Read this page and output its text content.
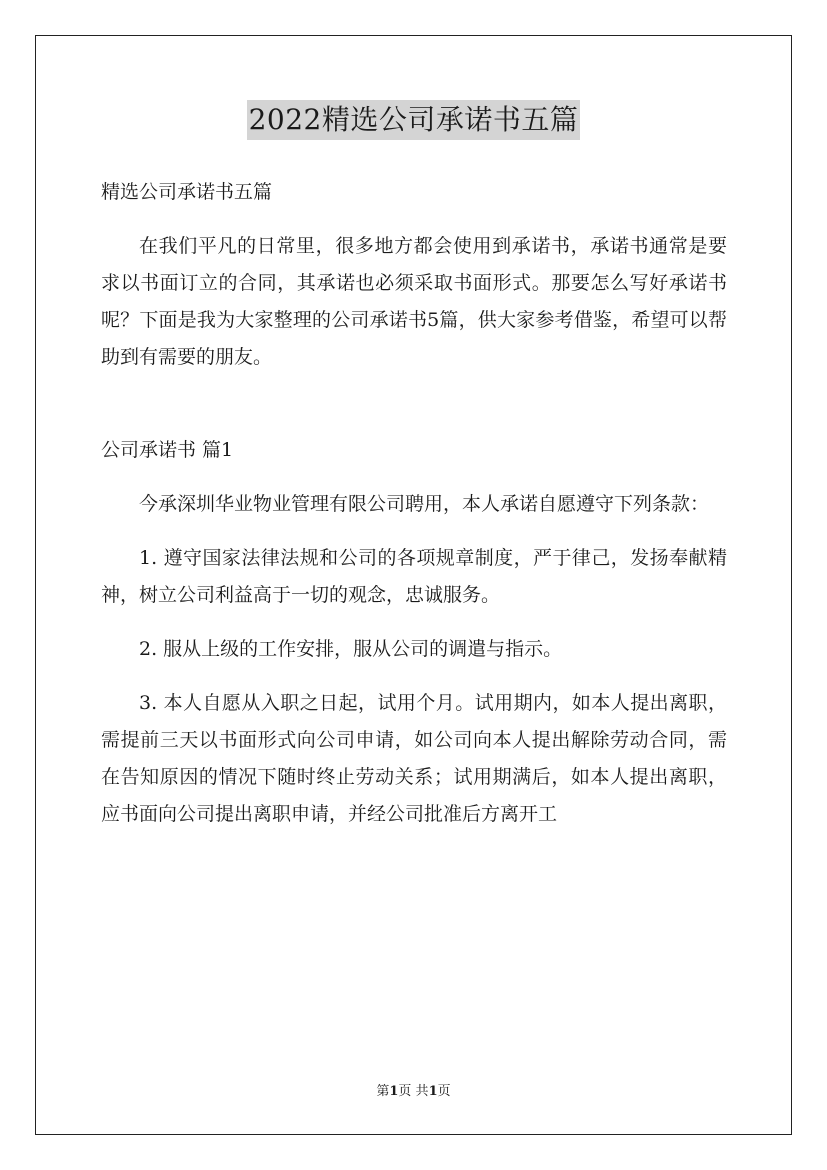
2022精选公司承诺书五篇

精选公司承诺书五篇

在我们平凡的日常里，很多地方都会使用到承诺书，承诺书通常是要求以书面订立的合同，其承诺也必须采取书面形式。那要怎么写好承诺书呢？下面是我为大家整理的公司承诺书5篇，供大家参考借鉴，希望可以帮助到有需要的朋友。

公司承诺书 篇1

今承深圳华业物业管理有限公司聘用，本人承诺自愿遵守下列条款：

1. 遵守国家法律法规和公司的各项规章制度，严于律己，发扬奉献精神，树立公司利益高于一切的观念，忠诚服务。

2. 服从上级的工作安排，服从公司的调遣与指示。

3. 本人自愿从入职之日起，试用个月。试用期内，如本人提出离职，需提前三天以书面形式向公司申请，如公司向本人提出解除劳动合同，需在告知原因的情况下随时终止劳动关系；试用期满后，如本人提出离职，应书面向公司提出离职申请，并经公司批准后方离开工

第1页 共1页
